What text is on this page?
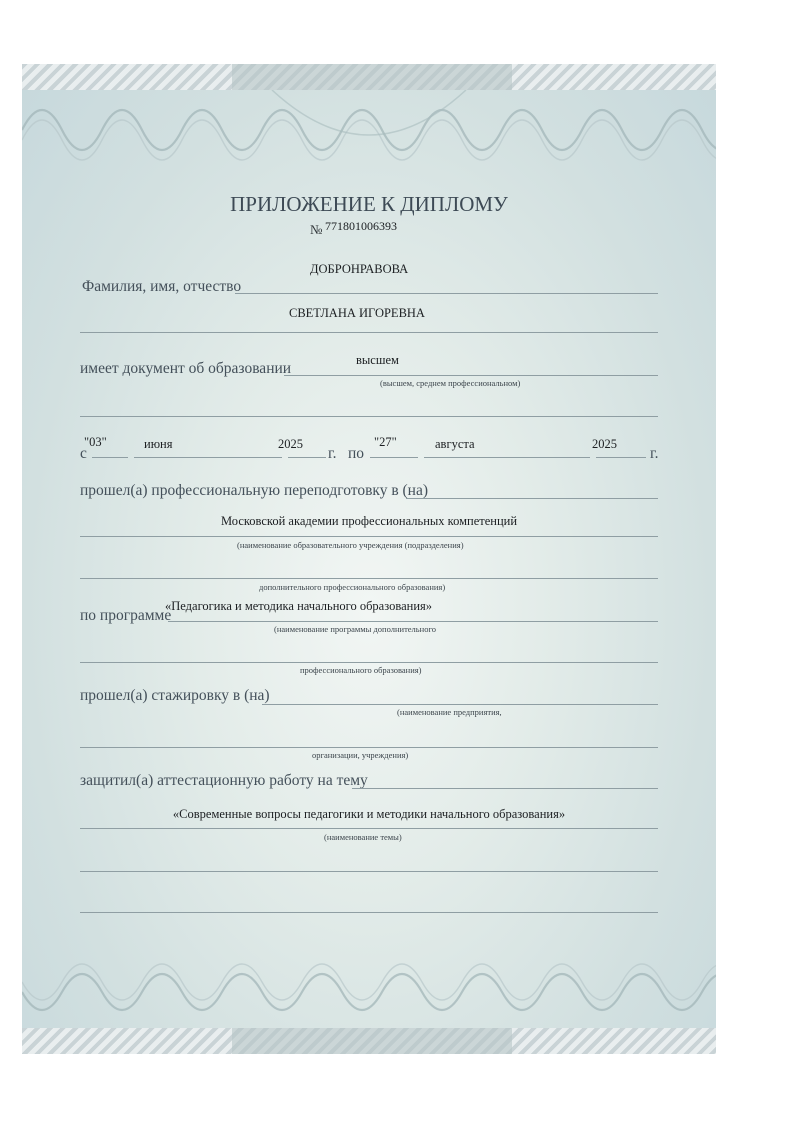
ПРИЛОЖЕНИЕ К ДИПЛОМУ
№ 771801006393
ДОБРОНРАВОВА
Фамилия, имя, отчество
СВЕТЛАНА ИГОРЕВНА
высшем
имеет документ об образовании
(высшем, среднем профессиональном)
"03"
с
июня	2025
г. по
"27"	августа	2025
г.
прошел(а) профессиональную переподготовку в (на)
Московской академии профессиональных компетенций
(наименование образовательного учреждения (подразделения)
дополнительного профессионального образования)
«Педагогика и методика начального образования»
по программе
(наименование программы дополнительного
профессионального образования)
прошел(а) стажировку в (на)
(наименование предприятия,
организации, учреждения)
защитил(а) аттестационную работу на тему
«Современные вопросы педагогики и методики начального образования»
(наименование темы)
